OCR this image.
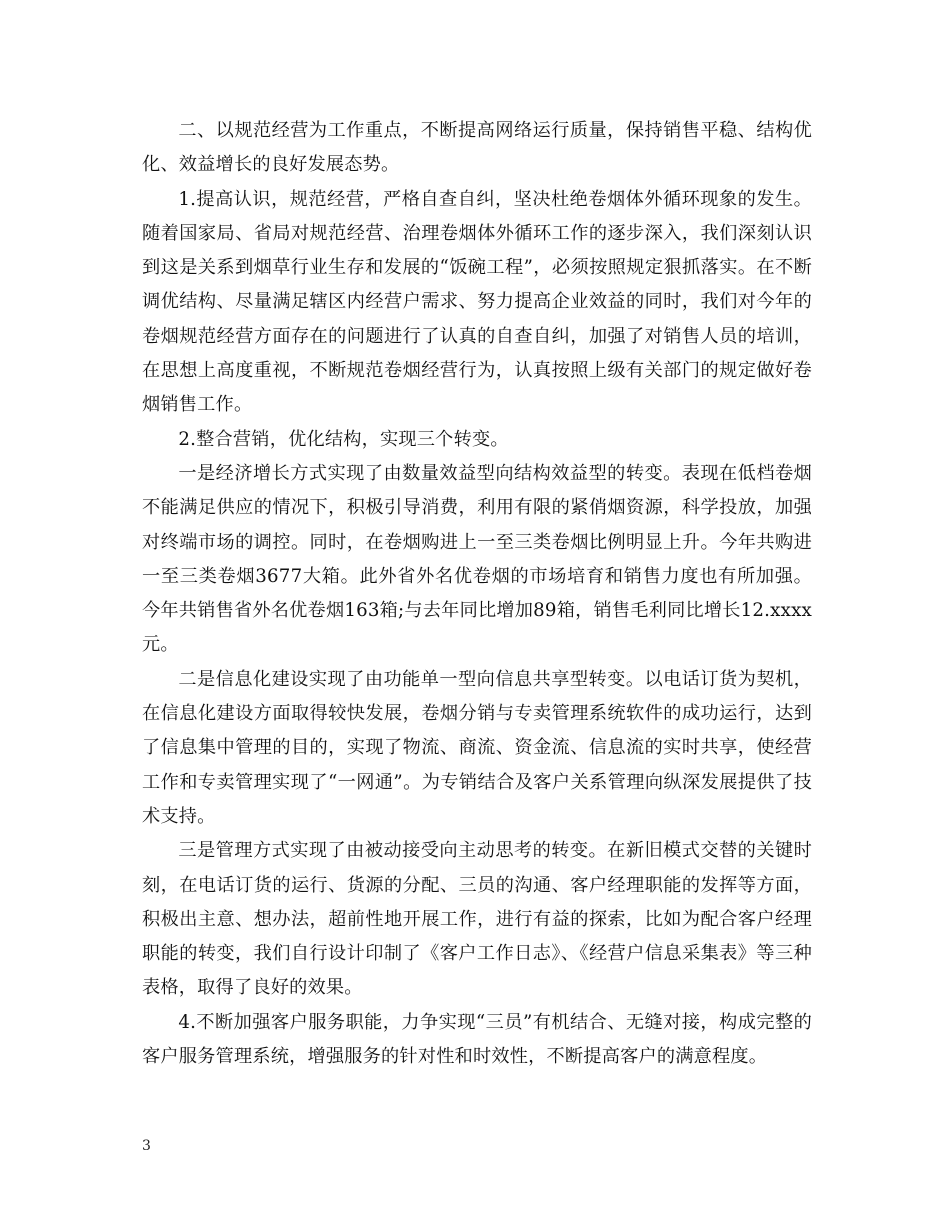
二、以规范经营为工作重点，不断提高网络运行质量，保持销售平稳、结构优化、效益增长的良好发展态势。

1.提高认识，规范经营，严格自查自纠，坚决杜绝卷烟体外循环现象的发生。随着国家局、省局对规范经营、治理卷烟体外循环工作的逐步深入，我们深刻认识到这是关系到烟草行业生存和发展的“饭碗工程”，必须按照规定狠抓落实。在不断调优结构、尽量满足辖区内经营户需求、努力提高企业效益的同时，我们对今年的卷烟规范经营方面存在的问题进行了认真的自查自纠，加强了对销售人员的培训，在思想上高度重视，不断规范卷烟经营行为，认真按照上级有关部门的规定做好卷烟销售工作。

2.整合营销，优化结构，实现三个转变。

一是经济增长方式实现了由数量效益型向结构效益型的转变。表现在低档卷烟不能满足供应的情况下，积极引导消费，利用有限的紧俏烟资源，科学投放，加强对终端市场的调控。同时，在卷烟购进上一至三类卷烟比例明显上升。今年共购进一至三类卷烟3677大箱。此外省外名优卷烟的市场培育和销售力度也有所加强。今年共销售省外名优卷烟163箱;与去年同比增加89箱，销售毛利同比增长12.xxxx元。

二是信息化建设实现了由功能单一型向信息共享型转变。以电话订货为契机，在信息化建设方面取得较快发展，卷烟分销与专卖管理系统软件的成功运行，达到了信息集中管理的目的，实现了物流、商流、资金流、信息流的实时共享，使经营工作和专卖管理实现了“一网通”。为专销结合及客户关系管理向纵深发展提供了技术支持。

三是管理方式实现了由被动接受向主动思考的转变。在新旧模式交替的关键时刻，在电话订货的运行、货源的分配、三员的沟通、客户经理职能的发挥等方面，积极出主意、想办法，超前性地开展工作，进行有益的探索，比如为配合客户经理职能的转变，我们自行设计印制了《客户工作日志》、《经营户信息采集表》等三种表格，取得了良好的效果。

4.不断加强客户服务职能，力争实现“三员”有机结合、无缝对接，构成完整的客户服务管理系统，增强服务的针对性和时效性，不断提高客户的满意程度。

3
